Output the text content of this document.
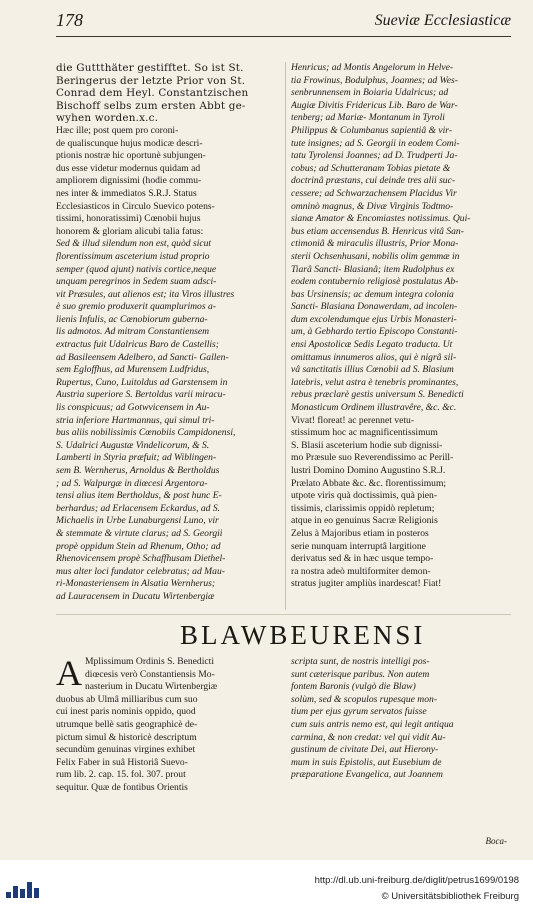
178	Sueviæ Ecclesiasticæ
die Guttthäter gestifftet. So ist St.
Beringerus der letzte Prior von St.
Conrad dem Heyl. Constantzischen
Bischoff selbs zum ersten Abbt ge-
wyhen worden.x.c.
Hæc ille; post quem pro coroni-
de qualiscunque hujus modicæ descri-
ptionis nostræ hic oportunè subjungen-
dus esse videtur modernus quidam ad
ampliorem dignissimi (hodie commu-
nes inter & immediatos S.R.J. Status
Ecclesiasticos in Circulo Suevico potens-
tissimi, honoratissimi) Cœnobii hujus
honorem & gloriam alicubi talia fatus:
Sed & illud silendum non est, quòd sicut
florentissimum asceterium istud proprio
semper (quod ajunt) nativis cortice,neque
unquam peregrinos in Sedem suam adsci-
vit Præsules, aut alienos est; ita Viros illustres
è suo gremio produxerit quamplurimos a-
lienis Infulis, ac Cœnobiorum guberna-
lis admotos. Ad mitram Constantiensem
extractus fuit Udalricus Baro de Castellis;
ad Basileensem Adelbero, ad Sancti- Gallen-
sem Egloffhus, ad Murensem Ludfridus,
Rupertus, Cuno, Luitoldus ad Garstensem in
Austria superiore S. Bertoldus varii miracu-
lis conspicuus; ad Gotwvicensem in Au-
stria inferiore Hartmannus, qui simul tri-
bus aliis nobilissimis Cœnobiis Campidonensi,
S. Udalrici Augustæ Vindelicorum, & S.
Lamberti in Styria præfuit; ad Wiblingen-
sem B. Wernherus, Arnoldus & Bertholdus
; ad S. Walpurgæ in diœcesi Argentora-
tensi alius item Bertholdus, & post hunc E-
berhardus; ad Erlacensem Eckardus, ad S.
Michaelis in Urbe Lunaburgensi Luno, vir
& stemmate & virtute clarus; ad S. Georgii
propè oppidum Stein ad Rhenum, Otho; ad
Rhenovicensem propè Schaffhusam Diethel-
mus alter loci fundator celebratus; ad Mau-
ri-Monasteriensem in Alsatia Wernherus;
ad Lauracensem in Ducatu Wirtenbergiæ
Henricus; ad Montis Angelorum in Helve-
tia Frowinus, Bodulphus, Joannes; ad Wes-
senbrunnensem in Boiaria Udalricus; ad
Augiæ Divitis Fridericus Lib. Baro de War-
tenberg; ad Mariæ- Montanum in Tyroli
Philippus & Columbanus sapientiâ & vir-
tute insignes; ad S. Georgii in eodem Comi-
tatu Tyrolensi Joannes; ad D. Trudperti Ja-
cobus; ad Schutteranam Tobias pietate &
doctrinâ præstans, cui deinde tres alii suc-
cessere; ad Schwarzachensem Placidus Vir
omninò magnus, & Divæ Virginis Todtmo-
sianæ Amator & Encomiastes notissimus. Qui-
bus etiam accensendus B. Henricus vitâ San-
ctimoniâ & miraculis illustris, Prior Mona-
sterii Ochsenhusani, nobilis olim gemmæ in
Tiarâ Sancti- Blasianâ; item Rudolphus ex
eodem contubernio religiosè postulatus Ab-
bas Ursinensis; ac demum integra colonia
Sancti- Blasiana Donawerdam, ad incolen-
dum excolendumque ejus Urbis Monasteri-
um, à Gebhardo tertio Episcopo Constanti-
ensi Apostolicæ Sedis Legato traducta. Ut
omittamus innumeros alios, qui è nigrâ sil-
vâ sanctitatis illius Cœnobii ad S. Blasium
latebris, velut astra è tenebris prominantes,
rebus præclarè gestis universum S. Benedicti
Monasticum Ordinem illustravêre, &c. &c.
Vivat! floreat! ac perennet vetu-
stissimum hoc ac magnificentissimum
S. Blasii asceterium hodie sub dignissi-
mo Præsule suo Reverendissimo ac Perill-
lustri Domino Domino Augustino S.R.J.
Prælato Abbate &c. &c. florentissimum;
utpote viris quà doctissimis, quà pien-
tissimis, clarissimis oppidò repletum;
atque in eo genuinus Sacræ Religionis
Zelus à Majoribus etiam in posteros
serie nunquam interruptâ largitione
derivatus sed & in hæc usque tempo-
ra nostra adeò multiformiter demon-
stratus jugiter ampliùs inardescat! Fiat!
BLAWBEURENSI
A Mplissimum Ordinis S. Benedicti
diœcesis verò Constantiensis Mo-
nasterium in Ducatu Wirtenbergiæ
duobus ab Ulmâ milliaribus cum suo
cui inest paris nominis oppido, quod
utrumque bellè satis geographicè de-
pictum simul & historicè descriptum
secundùm genuinas virgines exhibet
Felix Faber in suâ Historiâ Suevo-
rum lib. 2. cap. 15. fol. 307. prout
sequitur. Quæ de fontibus Orientis
scripta sunt, de nostris intelligi pos-
sunt cæterisque paribus. Non autem
fontem Baronis (vulgò die Blaw)
solùm, sed & scopulos rupesque mon-
tium per ejus gyrum servatos fuisse
cum suis antris nemo est, qui legit antiqua
carmina, & non credat: vel qui vidit Au-
gustinum de civitate Dei, aut Hierony-
mum in suis Epistolis, aut Eusebium de
præparatione Evangelica, aut Joannem
Boca-
http://dl.ub.uni-freiburg.de/diglit/petrus1699/0198
© Universitätsbibliothek Freiburg
